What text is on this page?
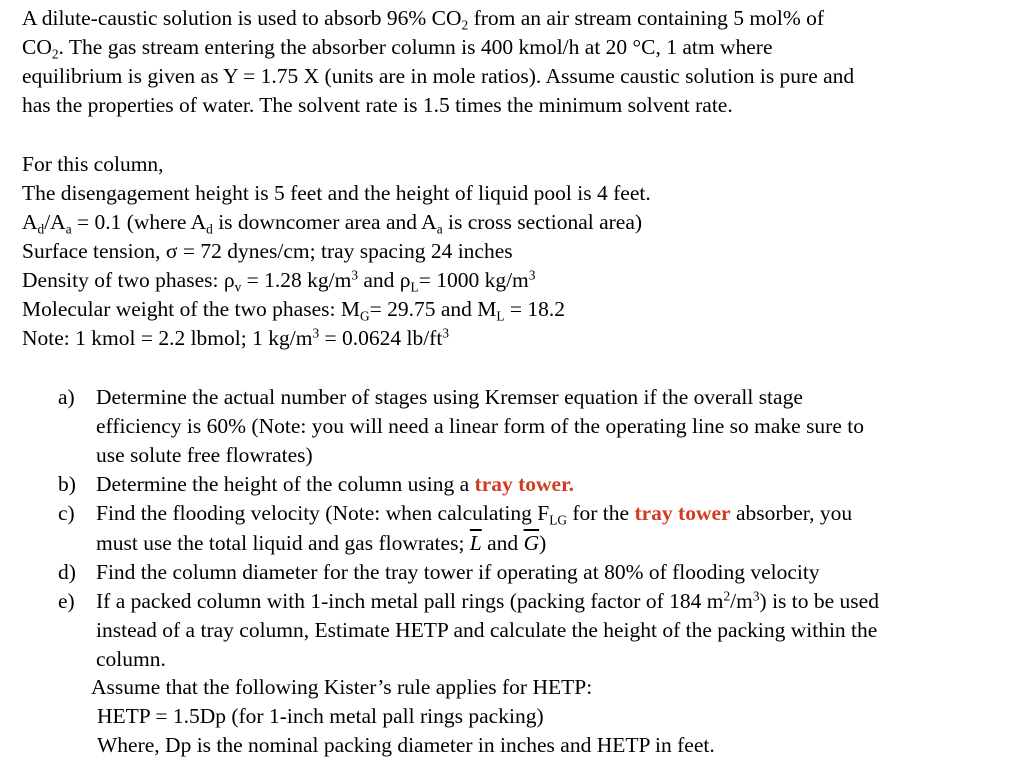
A dilute-caustic solution is used to absorb 96% $CO_2$ from an air stream containing 5 mol% of
$CO_2$. The gas stream entering the absorber column is 400 kmol/h at 20 °C, 1 atm where
equilibrium is given as Y = 1.75 X (units are in mole ratios). Assume caustic solution is pure and
has the properties of water. The solvent rate is 1.5 times the minimum solvent rate.
For this column,
The disengagement height is 5 feet and the height of liquid pool is 4 feet.
$A_d/A_a = 0.1$ (where $A_d$ is downcomer area and $A_a$ is cross sectional area)
Surface tension, σ = 72 dynes/cm; tray spacing 24 inches
Density of two phases: $\rho_v = 1.28$ $kg/m^3$ and $\rho_L= 1000$ $kg/m^3$
Molecular weight of the two phases: $M_G= 29.75$ and $M_L = 18.2$
Note: 1 kmol = 2.2 lbmol; 1 $kg/m^3 = 0.0624$ $lb/ft^3$
a) Determine the actual number of stages using Kremser equation if the overall stage
efficiency is 60% (Note: you will need a linear form of the operating line so make sure to
use solute free flowrates)
b) Determine the height of the column using a tray tower.
c) Find the flooding velocity (Note: when calculating $F_{LG}$ for the tray tower absorber, you
must use the total liquid and gas flowrates; $\overline{L}$ and $\overline{G}$)
d) Find the column diameter for the tray tower if operating at 80% of flooding velocity
e) If a packed column with 1-inch metal pall rings (packing factor of 184 $m^2/m^3$) is to be used
instead of a tray column, Estimate HETP and calculate the height of the packing within the
column.
Assume that the following Kister’s rule applies for HETP:
HETP = 1.5Dp (for 1-inch metal pall rings packing)
Where, Dp is the nominal packing diameter in inches and HETP in feet.
